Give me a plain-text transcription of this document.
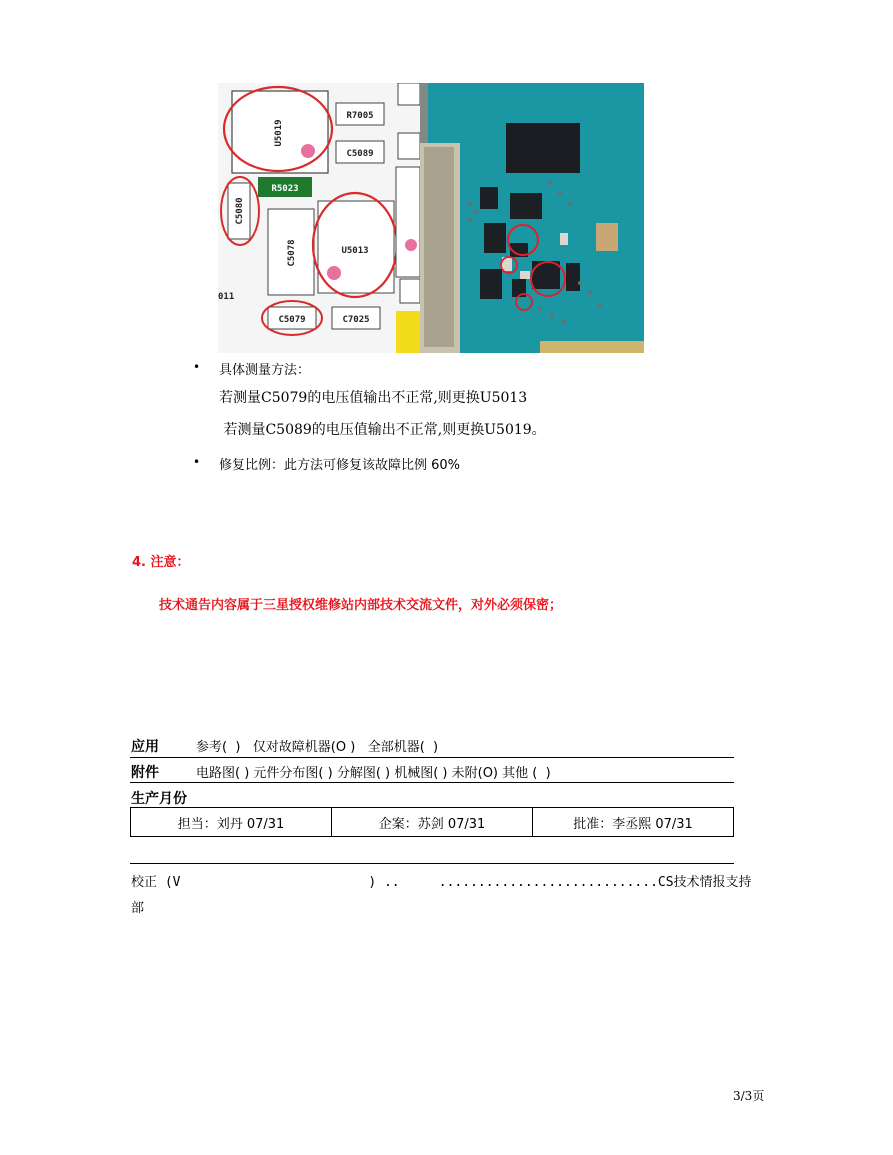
U5019
R7005
C5089
R5023
C5080
C5078	U5013
011
C5079	C7025
• 具体测量方法：
若测量C5079的电压值输出不正常,则更换U5013
若测量C5089的电压值输出不正常,则更换U5019。
• 修复比例：此方法可修复该故障比例 60%
4. 注意：
技术通告内容属于三星授权维修站内部技术交流文件，对外必须保密；
应用	参考(  )   仅对故障机器(O )   全部机器(  )
附件	电路图( ) 元件分布图( ) 分解图( ) 机械图( ) 未附(O) 其他 (  )
生产月份
担当：刘丹 07/31	企案：苏剑 07/31	批准：李丞熙 07/31
校正 (V                        ) ..     ............................CS技术情报支持
部
3/3页
